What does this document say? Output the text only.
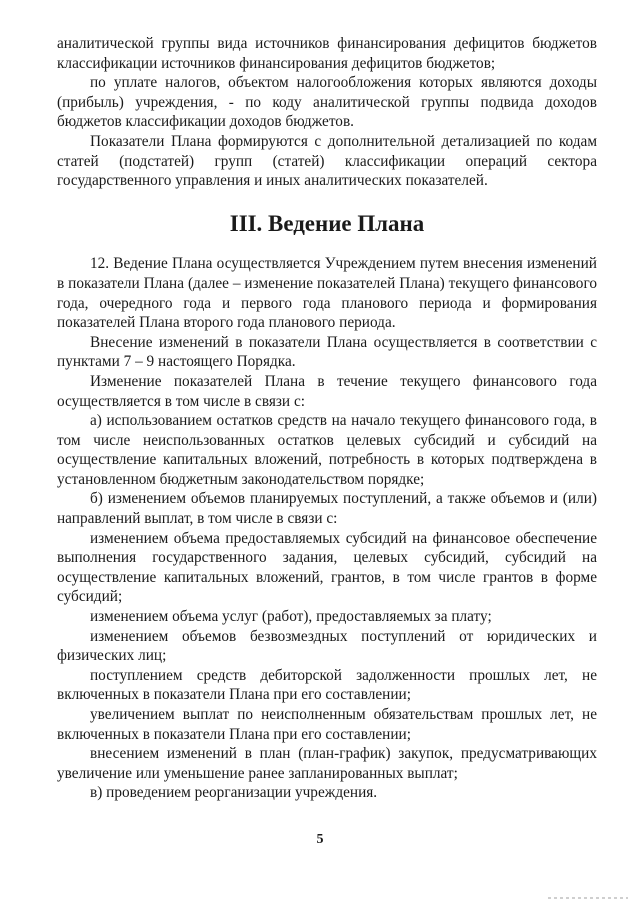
аналитической группы вида источников финансирования дефицитов бюджетов классификации источников финансирования дефицитов бюджетов;

по уплате налогов, объектом налогообложения которых являются доходы (прибыль) учреждения, - по коду аналитической группы подвида доходов бюджетов классификации доходов бюджетов.

Показатели Плана формируются с дополнительной детализацией по кодам статей (подстатей) групп (статей) классификации операций сектора государственного управления и иных аналитических показателей.

III. Ведение Плана

12. Ведение Плана осуществляется Учреждением путем внесения изменений в показатели Плана (далее – изменение показателей Плана) текущего финансового года, очередного года и первого года планового периода и формирования показателей Плана второго года планового периода.

Внесение изменений в показатели Плана осуществляется в соответствии с пунктами 7 – 9 настоящего Порядка.

Изменение показателей Плана в течение текущего финансового года осуществляется в том числе в связи с:

а) использованием остатков средств на начало текущего финансового года, в том числе неиспользованных остатков целевых субсидий и субсидий на осуществление капитальных вложений, потребность в которых подтверждена в установленном бюджетным законодательством порядке;

б) изменением объемов планируемых поступлений, а также объемов и (или) направлений выплат, в том числе в связи с:

изменением объема предоставляемых субсидий на финансовое обеспечение выполнения государственного задания, целевых субсидий, субсидий на осуществление капитальных вложений, грантов, в том числе грантов в форме субсидий;

изменением объема услуг (работ), предоставляемых за плату;

изменением объемов безвозмездных поступлений от юридических и физических лиц;

поступлением средств дебиторской задолженности прошлых лет, не включенных в показатели Плана при его составлении;

увеличением выплат по неисполненным обязательствам прошлых лет, не включенных в показатели Плана при его составлении;

внесением изменений в план (план-график) закупок, предусматривающих увеличение или уменьшение ранее запланированных выплат;

в) проведением реорганизации учреждения.

5
